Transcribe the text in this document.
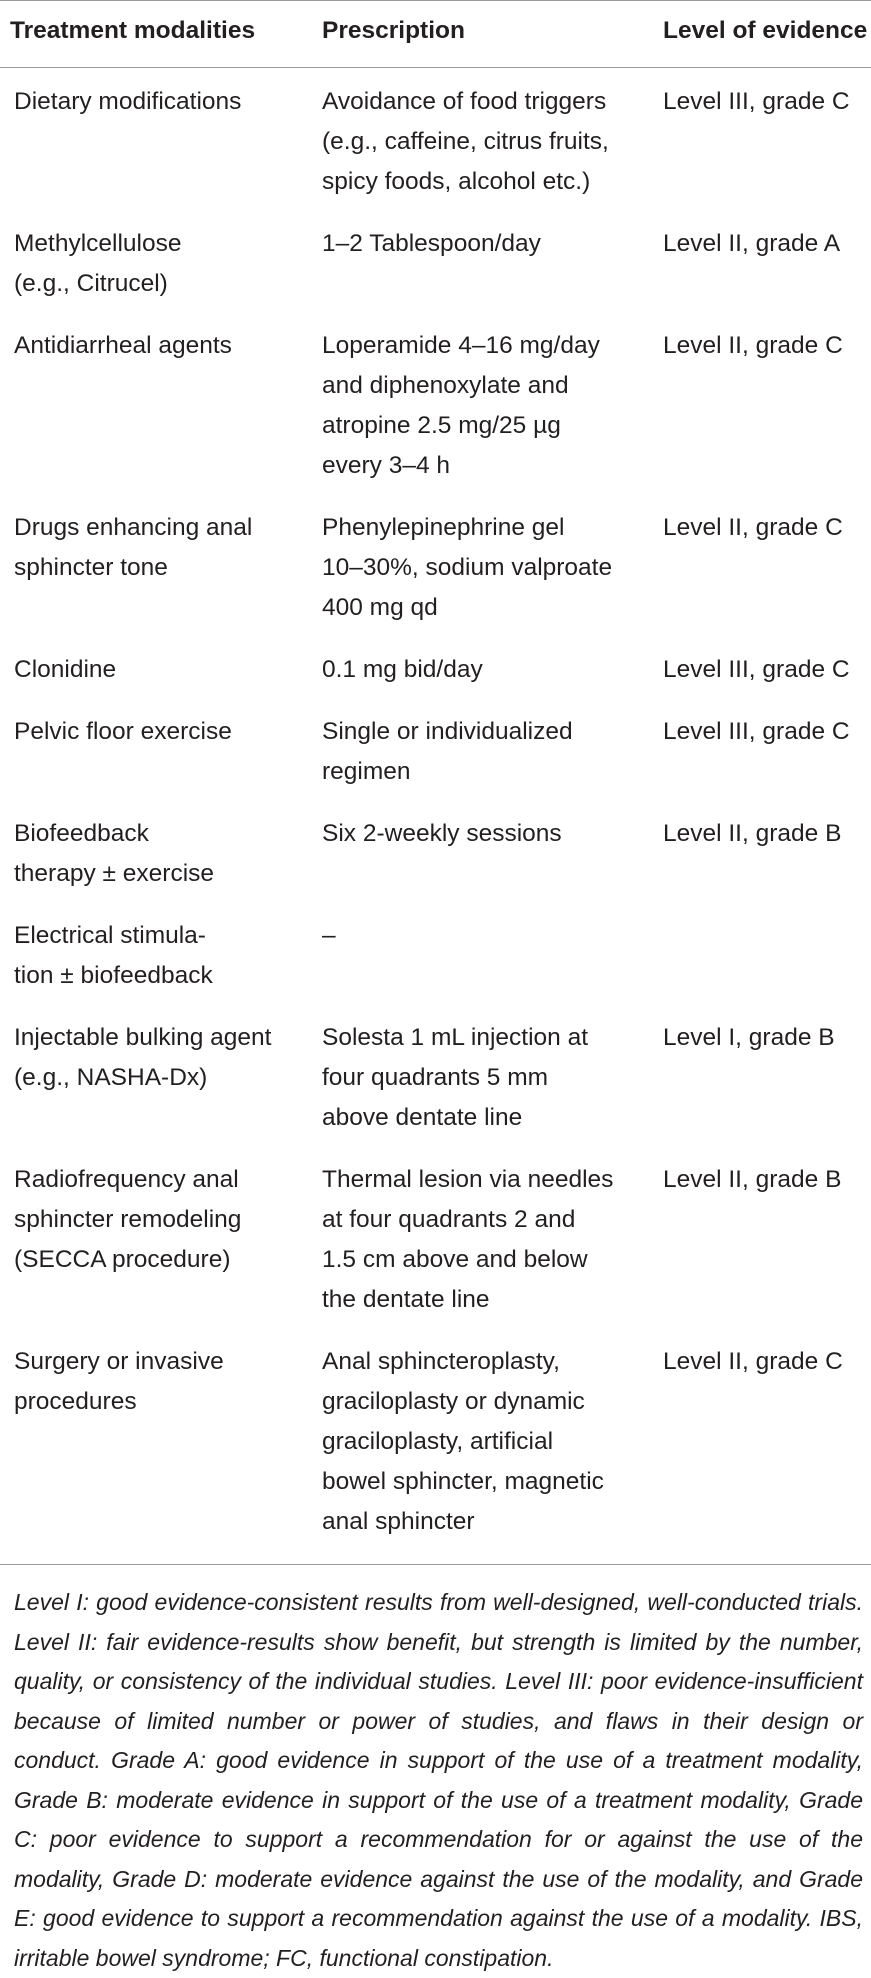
Treatment modalities	Prescription	Level of evidence
Dietary modifications	Avoidance of food triggers
(e.g., caffeine, citrus fruits,
spicy foods, alcohol etc.)	Level III, grade C
Methylcellulose
(e.g., Citrucel)	1–2 Tablespoon/day	Level II, grade A
Antidiarrheal agents	Loperamide 4–16 mg/day
and diphenoxylate and
atropine 2.5 mg/25 µg
every 3–4 h	Level II, grade C
Drugs enhancing anal
sphincter tone	Phenylepinephrine gel
10–30%, sodium valproate
400 mg qd	Level II, grade C
Clonidine	0.1 mg bid/day	Level III, grade C
Pelvic floor exercise	Single or individualized
regimen	Level III, grade C
Biofeedback
therapy ± exercise	Six 2-weekly sessions	Level II, grade B
Electrical stimula-
tion ± biofeedback	–	
Injectable bulking agent
(e.g., NASHA-Dx)	Solesta 1 mL injection at
four quadrants 5 mm
above dentate line	Level I, grade B
Radiofrequency anal
sphincter remodeling
(SECCA procedure)	Thermal lesion via needles
at four quadrants 2 and
1.5 cm above and below
the dentate line	Level II, grade B
Surgery or invasive
procedures	Anal sphincteroplasty,
graciloplasty or dynamic
graciloplasty, artificial
bowel sphincter, magnetic
anal sphincter	Level II, grade C

Level I: good evidence-consistent results from well-designed, well-conducted trials. Level II: fair evidence-results show benefit, but strength is limited by the number, quality, or consistency of the individual studies. Level III: poor evidence-insufficient because of limited number or power of studies, and flaws in their design or conduct. Grade A: good evidence in support of the use of a treatment modality, Grade B: moderate evidence in support of the use of a treatment modality, Grade C: poor evidence to support a recommendation for or against the use of the modality, Grade D: moderate evidence against the use of the modality, and Grade E: good evidence to support a recommendation against the use of a modality. IBS, irritable bowel syndrome; FC, functional constipation.		
